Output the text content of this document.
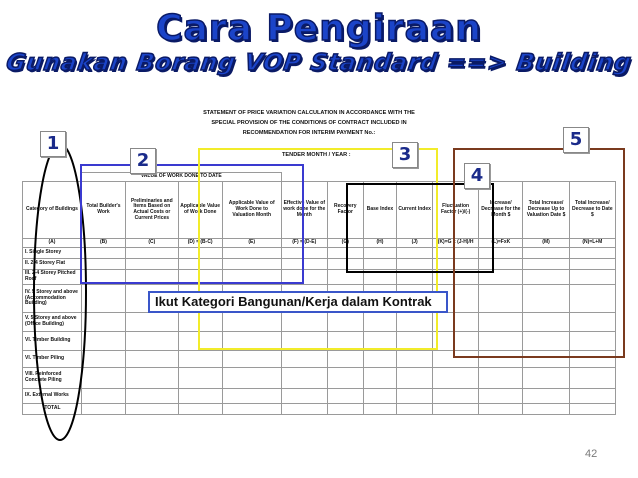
Cara Pengiraan
Gunakan Borang VOP Standard ==> Building
STATEMENT OF PRICE VARIATION CALCULATION IN ACCORDANCE WITH THE
SPECIAL PROVISION OF THE CONDITIONS OF CONTRACT INCLUDED IN
RECOMMENDATION FOR INTERIM PAYMENT No.:
TENDER MONTH / YEAR :
	VALUE OF WORK DONE TO DATE											
Category of Buildings	Total Builder's Work	Preliminaries and Items Based on Actual Costs or Current Prices	Applicable Value of Work Done	Applicable Value of Work Done to Valuation Month	Effective Value of work done for the Month	Recovery Factor	Base Index	Current Index	Fluctuation Factor (+)/(-)	Increase/ Decrease for the Month $	Total Increase/ Decrease Up to Valuation Date $	Total Increase/ Decrease to Date $
(A)	(B)	(C)	(D) = (B-C)	(E)	(F) = (D-E)	(G)	(H)	(J)	(K)=G x (J-H)/H	(L)=FxK	(M)	(N)=L+M
I. Single Storey												
II. 2-4 Storey Flat												
III. 2-4 Storey Pitched Roof												
IV. 5 Storey and above (Accommodation Building)												
V. 5 Storey and above (Office Building)												
VI. Timber Building												
VI. Timber Piling												
VIII. Reinforced Concrete Piling												
IX. External Works												
TOTAL												
1
2	3
4
5
Ikut Kategori Bangunan/Kerja dalam Kontrak
42
